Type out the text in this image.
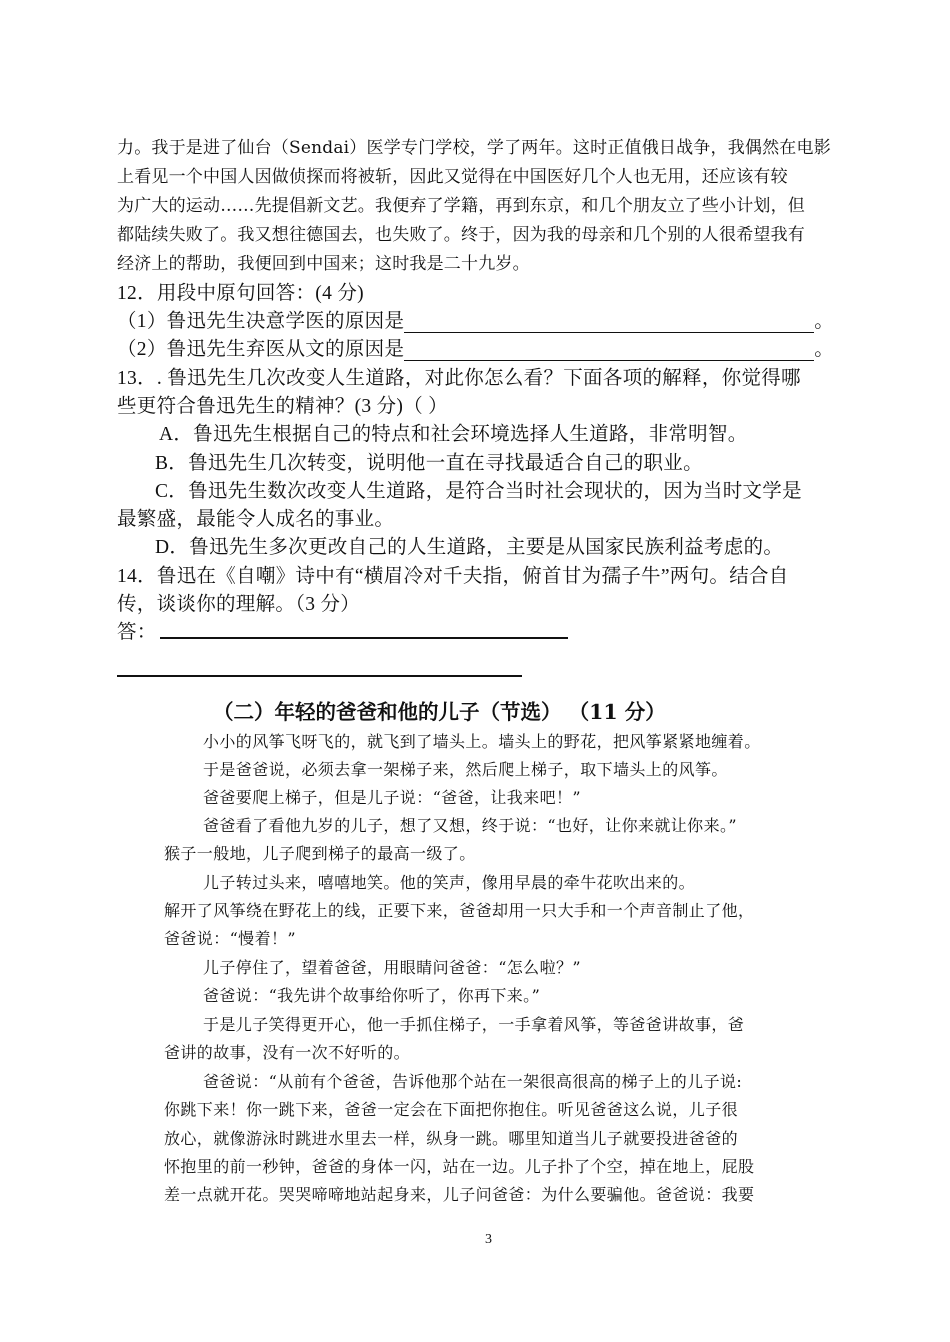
力。我于是进了仙台（Sendai）医学专门学校，学了两年。这时正值俄日战争，我偶然在电影
上看见一个中国人因做侦探而将被斩，因此又觉得在中国医好几个人也无用，还应该有较
为广大的运动……先提倡新文艺。我便弃了学籍，再到东京，和几个朋友立了些小计划，但
都陆续失败了。我又想往德国去，也失败了。终于，因为我的母亲和几个别的人很希望我有
经济上的帮助，我便回到中国来；这时我是二十九岁。
12．用段中原句回答：(4 分)
（1）鲁迅先生决意学医的原因是	。
（2）鲁迅先生弃医从文的原因是	。
13．. 鲁迅先生几次改变人生道路，对此你怎么看？下面各项的解释，你觉得哪
些更符合鲁迅先生的精神？(3 分)（ ）
A．鲁迅先生根据自己的特点和社会环境选择人生道路，非常明智。
B．鲁迅先生几次转变，说明他一直在寻找最适合自己的职业。
C．鲁迅先生数次改变人生道路，是符合当时社会现状的，因为当时文学是
最繁盛，最能令人成名的事业。
D．鲁迅先生多次更改自己的人生道路，主要是从国家民族利益考虑的。
14．鲁迅在《自嘲》诗中有“横眉冷对千夫指，俯首甘为孺子牛”两句。结合自
传，谈谈你的理解。（3 分）
答：
（二）年轻的爸爸和他的儿子（节选） （11 分）
小小的风筝飞呀飞的，就飞到了墙头上。墙头上的野花，把风筝紧紧地缠着。
于是爸爸说，必须去拿一架梯子来，然后爬上梯子，取下墙头上的风筝。
爸爸要爬上梯子，但是儿子说：“爸爸，让我来吧！”
爸爸看了看他九岁的儿子，想了又想，终于说：“也好，让你来就让你来。”
猴子一般地，儿子爬到梯子的最高一级了。
儿子转过头来，嘻嘻地笑。他的笑声，像用早晨的牵牛花吹出来的。
解开了风筝绕在野花上的线，正要下来，爸爸却用一只大手和一个声音制止了他，
爸爸说：“慢着！”
儿子停住了，望着爸爸，用眼睛问爸爸：“怎么啦？”
爸爸说：“我先讲个故事给你听了，你再下来。”
于是儿子笑得更开心，他一手抓住梯子，一手拿着风筝，等爸爸讲故事，爸
爸讲的故事，没有一次不好听的。
爸爸说：“从前有个爸爸，告诉他那个站在一架很高很高的梯子上的儿子说:
你跳下来！你一跳下来，爸爸一定会在下面把你抱住。听见爸爸这么说，儿子很
放心，就像游泳时跳进水里去一样，纵身一跳。哪里知道当儿子就要投进爸爸的
怀抱里的前一秒钟，爸爸的身体一闪，站在一边。儿子扑了个空，掉在地上，屁股
差一点就开花。哭哭啼啼地站起身来，儿子问爸爸：为什么要骗他。爸爸说：我要
3
